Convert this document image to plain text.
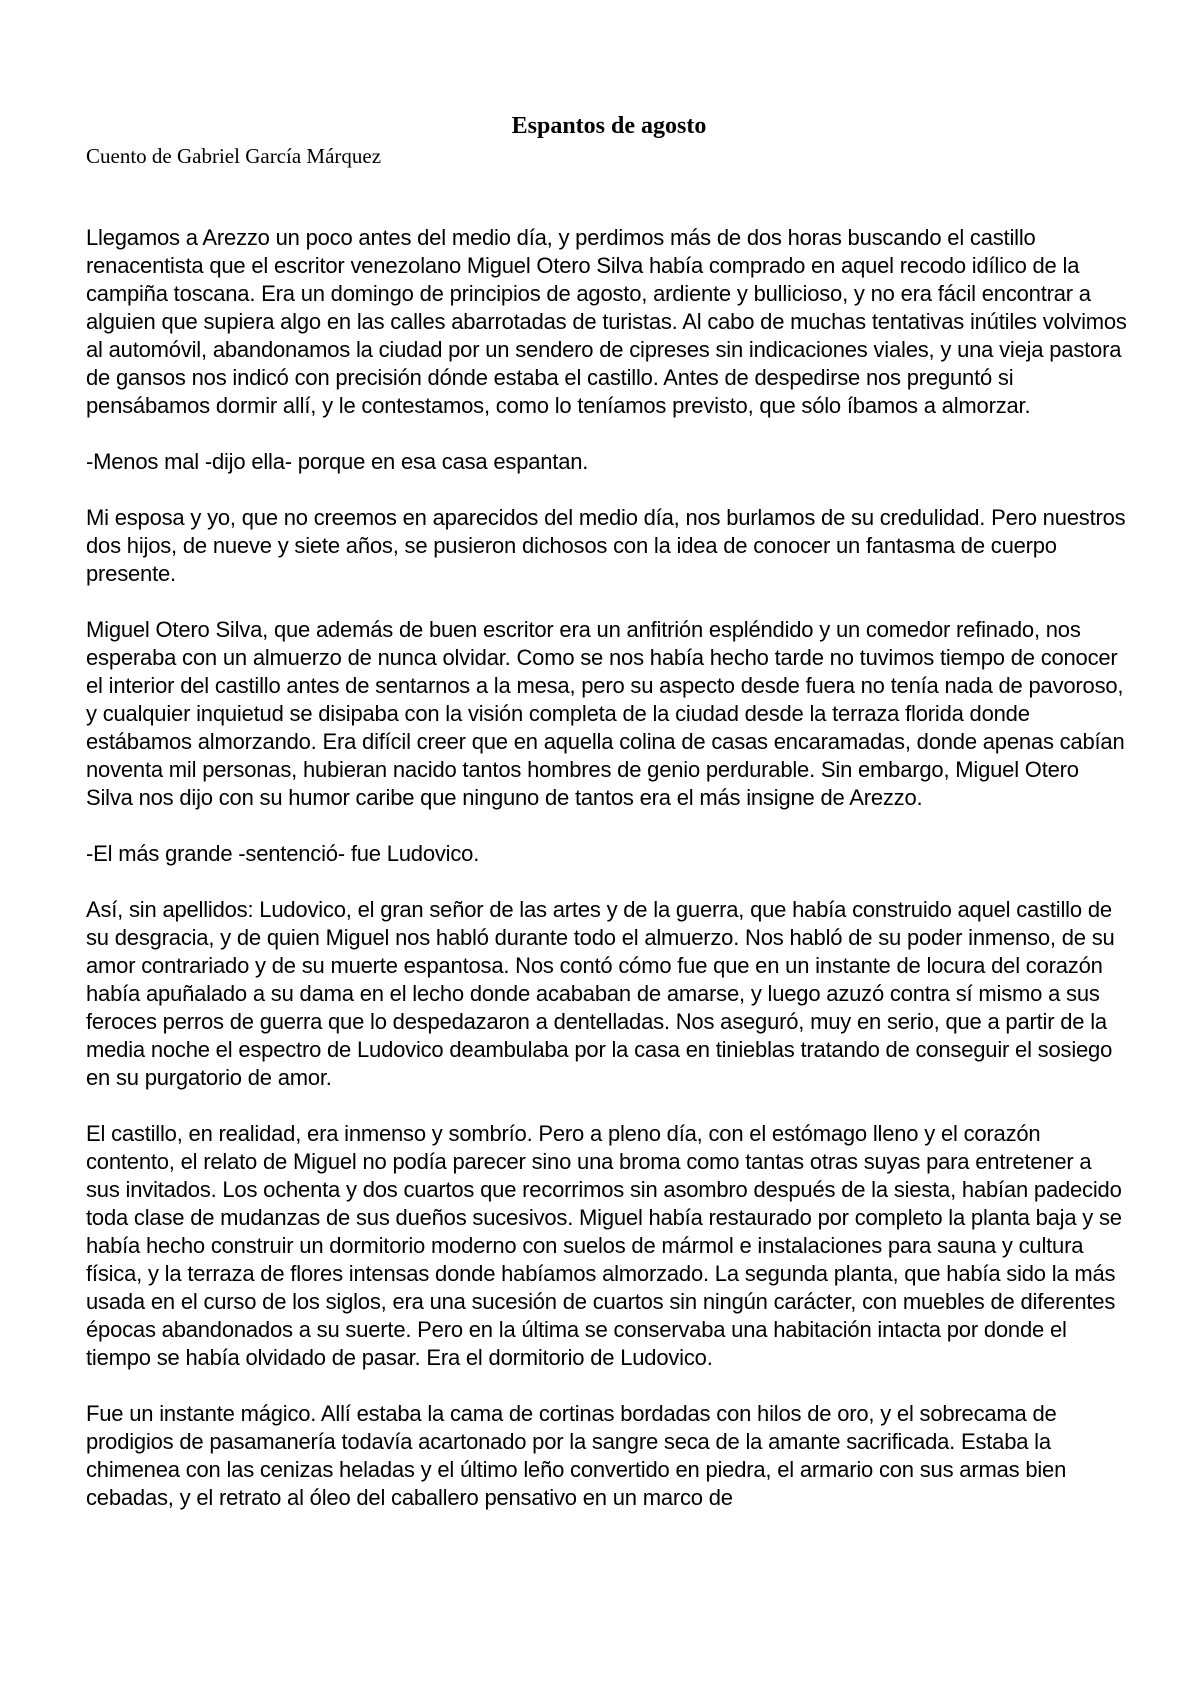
Espantos de agosto
Cuento de Gabriel García Márquez

Llegamos a Arezzo un poco antes del medio día, y perdimos más de dos horas buscando el castillo renacentista que el escritor venezolano Miguel Otero Silva había comprado en aquel recodo idílico de la campiña toscana. Era un domingo de principios de agosto, ardiente y bullicioso, y no era fácil encontrar a alguien que supiera algo en las calles abarrotadas de turistas. Al cabo de muchas tentativas inútiles volvimos al automóvil, abandonamos la ciudad por un sendero de cipreses sin indicaciones viales, y una vieja pastora de gansos nos indicó con precisión dónde estaba el castillo. Antes de despedirse nos preguntó si pensábamos dormir allí, y le contestamos, como lo teníamos previsto, que sólo íbamos a almorzar.

-Menos mal -dijo ella- porque en esa casa espantan.

Mi esposa y yo, que no creemos en aparecidos del medio día, nos burlamos de su credulidad. Pero nuestros dos hijos, de nueve y siete años, se pusieron dichosos con la idea de conocer un fantasma de cuerpo presente.

Miguel Otero Silva, que además de buen escritor era un anfitrión espléndido y un comedor refinado, nos esperaba con un almuerzo de nunca olvidar. Como se nos había hecho tarde no tuvimos tiempo de conocer el interior del castillo antes de sentarnos a la mesa, pero su aspecto desde fuera no tenía nada de pavoroso, y cualquier inquietud se disipaba con la visión completa de la ciudad desde la terraza florida donde estábamos almorzando. Era difícil creer que en aquella colina de casas encaramadas, donde apenas cabían noventa mil personas, hubieran nacido tantos hombres de genio perdurable. Sin embargo, Miguel Otero Silva nos dijo con su humor caribe que ninguno de tantos era el más insigne de Arezzo.

-El más grande -sentenció- fue Ludovico.

Así, sin apellidos: Ludovico, el gran señor de las artes y de la guerra, que había construido aquel castillo de su desgracia, y de quien Miguel nos habló durante todo el almuerzo. Nos habló de su poder inmenso, de su amor contrariado y de su muerte espantosa. Nos contó cómo fue que en un instante de locura del corazón había apuñalado a su dama en el lecho donde acababan de amarse, y luego azuzó contra sí mismo a sus feroces perros de guerra que lo despedazaron a dentelladas. Nos aseguró, muy en serio, que a partir de la media noche el espectro de Ludovico deambulaba por la casa en tinieblas tratando de conseguir el sosiego en su purgatorio de amor.

El castillo, en realidad, era inmenso y sombrío. Pero a pleno día, con el estómago lleno y el corazón contento, el relato de Miguel no podía parecer sino una broma como tantas otras suyas para entretener a sus invitados. Los ochenta y dos cuartos que recorrimos sin asombro después de la siesta, habían padecido toda clase de mudanzas de sus dueños sucesivos. Miguel había restaurado por completo la planta baja y se había hecho construir un dormitorio moderno con suelos de mármol e instalaciones para sauna y cultura física, y la terraza de flores intensas donde habíamos almorzado. La segunda planta, que había sido la más usada en el curso de los siglos, era una sucesión de cuartos sin ningún carácter, con muebles de diferentes épocas abandonados a su suerte. Pero en la última se conservaba una habitación intacta por donde el tiempo se había olvidado de pasar. Era el dormitorio de Ludovico.

Fue un instante mágico. Allí estaba la cama de cortinas bordadas con hilos de oro, y el sobrecama de prodigios de pasamanería todavía acartonado por la sangre seca de la amante sacrificada. Estaba la chimenea con las cenizas heladas y el último leño convertido en piedra, el armario con sus armas bien cebadas, y el retrato al óleo del caballero pensativo en un marco de
